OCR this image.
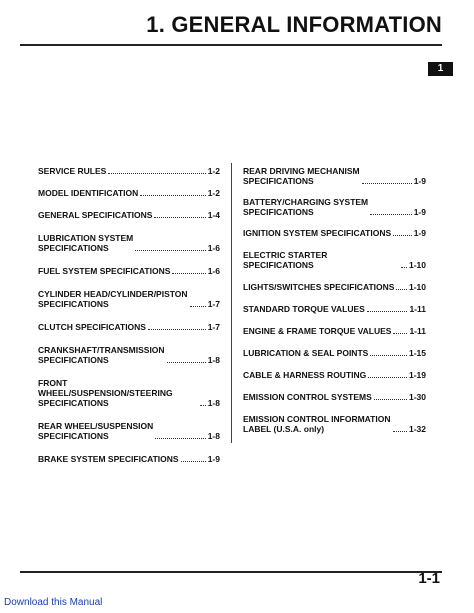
1. GENERAL INFORMATION
1
SERVICE RULES	1-2
MODEL IDENTIFICATION	1-2
GENERAL SPECIFICATIONS	1-4
LUBRICATION SYSTEM
SPECIFICATIONS	1-6
FUEL SYSTEM SPECIFICATIONS	1-6
CYLINDER HEAD/CYLINDER/PISTON
SPECIFICATIONS	1-7
CLUTCH SPECIFICATIONS	1-7
CRANKSHAFT/TRANSMISSION
SPECIFICATIONS	1-8
FRONT WHEEL/SUSPENSION/STEERING
SPECIFICATIONS	1-8
REAR WHEEL/SUSPENSION
SPECIFICATIONS	1-8
BRAKE SYSTEM SPECIFICATIONS	1-9
REAR DRIVING MECHANISM
SPECIFICATIONS	1-9
BATTERY/CHARGING SYSTEM
SPECIFICATIONS	1-9
IGNITION SYSTEM SPECIFICATIONS	1-9
ELECTRIC STARTER SPECIFICATIONS	1-10
LIGHTS/SWITCHES SPECIFICATIONS 1-10
STANDARD TORQUE VALUES	1-11
ENGINE & FRAME TORQUE VALUES 1-11
LUBRICATION & SEAL POINTS	1-15
CABLE & HARNESS ROUTING	1-19
EMISSION CONTROL SYSTEMS	1-30
EMISSION CONTROL INFORMATION
LABEL (U.S.A. only)	1-32
1-1
Download this Manual
